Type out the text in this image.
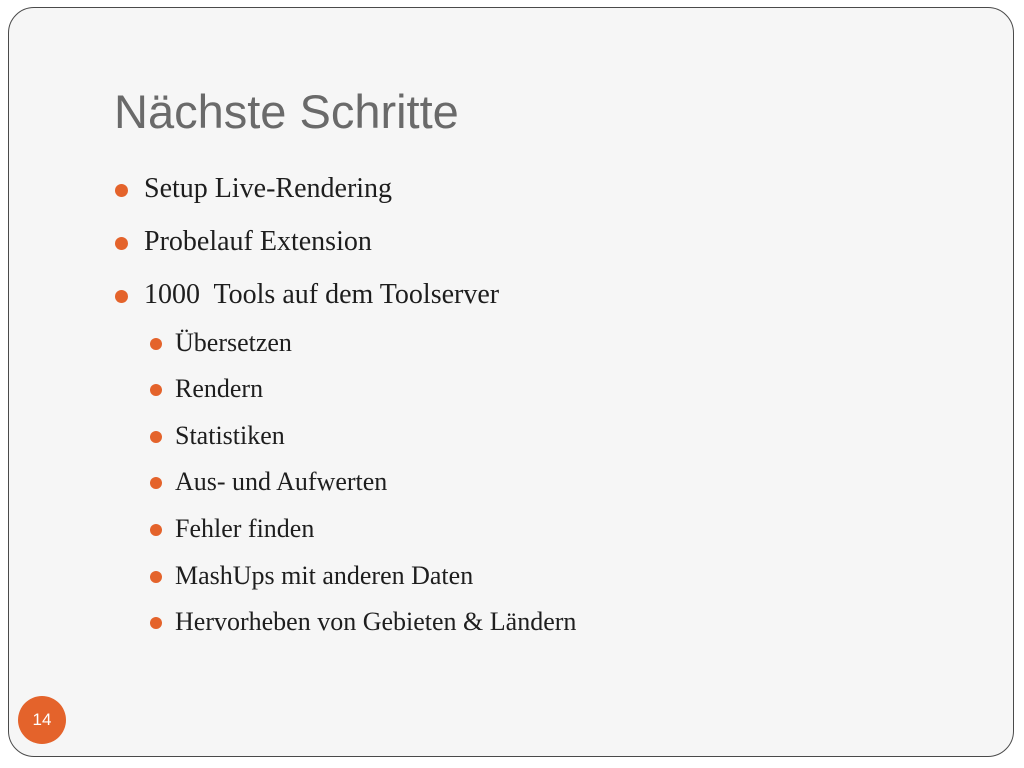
Nächste Schritte
Setup Live-Rendering
Probelauf Extension
1000  Tools auf dem Toolserver
Übersetzen
Rendern
Statistiken
Aus- und Aufwerten
Fehler finden
MashUps mit anderen Daten
Hervorheben von Gebieten & Ländern
14
